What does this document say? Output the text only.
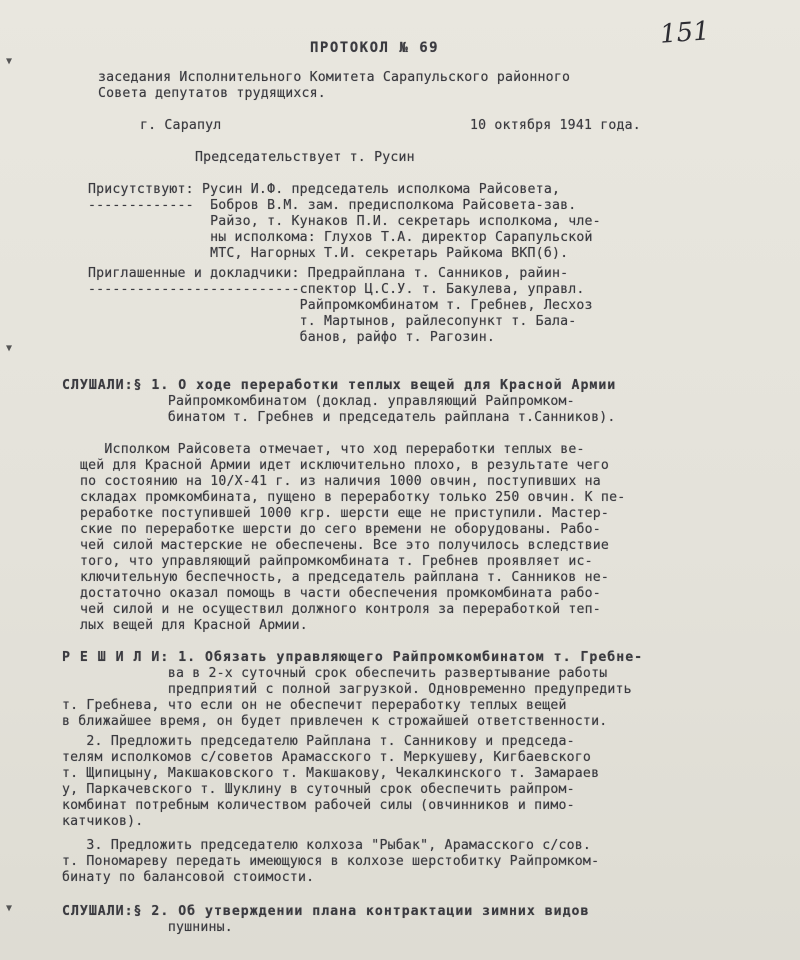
▼
▼
▼
151
ПРОТОКОЛ № 69
заседания Исполнительного Комитета Сарапульского районного
Совета депутатов трудящихся.
г. Сарапул	10 октября 1941 года.
Председательствует т. Русин
Присутствуют: Русин И.Ф. председатель исполкома Райсовета,
-------------  Бобров В.М. зам. предисполкома Райсовета-зав.
Райзо, т. Кунаков П.И. секретарь исполкома, чле-
ны исполкома: Глухов Т.А. директор Сарапульской
МТС, Нагорных Т.И. секретарь Райкома ВКП(б).
Приглашенные и докладчики: Предрайплана т. Санников, райин-
--------------------------спектор Ц.С.У. т. Бакулева, управл.
Райпромкомбинатом т. Гребнев, Лесхоз
т. Мартынов, райлесопункт т. Бала-
банов, райфо т. Рагозин.
СЛУШАЛИ:§ 1. О ходе переработки теплых вещей для Красной Армии
Райпромкомбинатом (доклад. управляющий Райпромком-
бинатом т. Гребнев и председатель райплана т.Санников).
Исполком Райсовета отмечает, что ход переработки теплых ве-
щей для Красной Армии идет исключительно плохо, в результате чего
по состоянию на 10/Х-41 г. из наличия 1000 овчин, поступивших на
складах промкомбината, пущено в переработку только 250 овчин. К пе-
реработке поступившей 1000 кгр. шерсти еще не приступили. Мастер-
ские по переработке шерсти до сего времени не оборудованы. Рабо-
чей силой мастерские не обеспечены. Все это получилось вследствие
того, что управляющий райпромкомбината т. Гребнев проявляет ис-
ключительную беспечность, а председатель райплана т. Санников не-
достаточно оказал помощь в части обеспечения промкомбината рабо-
чей силой и не осуществил должного контроля за переработкой теп-
лых вещей для Красной Армии.
Р Е Ш И Л И: 1. Обязать управляющего Райпромкомбинатом т. Гребне-
ва в 2-х суточный срок обеспечить развертывание работы
предприятий с полной загрузкой. Одновременно предупредить
т. Гребнева, что если он не обеспечит переработку теплых вещей
в ближайшее время, он будет привлечен к строжайшей ответственности.
2. Предложить председателю Райплана т. Санникову и председа-
телям исполкомов с/советов Арамасского т. Меркушеву, Кигбаевского
т. Щипицыну, Макшаковского т. Макшакову, Чекалкинского т. Замараев
у, Паркачевского т. Шуклину в суточный срок обеспечить райпром-
комбинат потребным количеством рабочей силы (овчинников и пимо-
катчиков).
3. Предложить председателю колхоза "Рыбак", Арамасского с/сов.
т. Пономареву передать имеющуюся в колхозе шерстобитку Райпромком-
бинату по балансовой стоимости.
СЛУШАЛИ:§ 2. Об утверждении плана контрактации зимних видов
пушнины.
